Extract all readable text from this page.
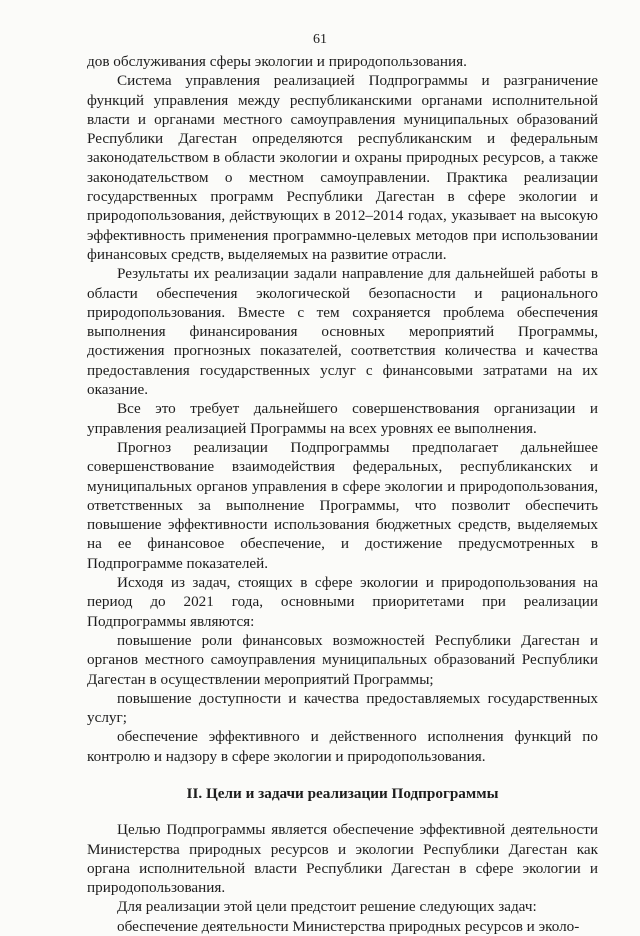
61

дов обслуживания сферы экологии и природопользования.

Система управления реализацией Подпрограммы и разграничение функций управления между республиканскими органами исполнительной власти и органами местного самоуправления муниципальных образований Республики Дагестан определяются республиканским и федеральным законодательством в области экологии и охраны природных ресурсов, а также законодательством о местном самоуправлении. Практика реализации государственных программ Республики Дагестан в сфере экологии и природопользования, действующих в 2012–2014 годах, указывает на высокую эффективность применения программно-целевых методов при использовании финансовых средств, выделяемых на развитие отрасли.

Результаты их реализации задали направление для дальнейшей работы в области обеспечения экологической безопасности и рационального природопользования. Вместе с тем сохраняется проблема обеспечения выполнения финансирования основных мероприятий Программы, достижения прогнозных показателей, соответствия количества и качества предоставления государственных услуг с финансовыми затратами на их оказание.

Все это требует дальнейшего совершенствования организации и управления реализацией Программы на всех уровнях ее выполнения.

Прогноз реализации Подпрограммы предполагает дальнейшее совершенствование взаимодействия федеральных, республиканских и муниципальных органов управления в сфере экологии и природопользования, ответственных за выполнение Программы, что позволит обеспечить повышение эффективности использования бюджетных средств, выделяемых на ее финансовое обеспечение, и достижение предусмотренных в Подпрограмме показателей.

Исходя из задач, стоящих в сфере экологии и природопользования на период до 2021 года, основными приоритетами при реализации Подпрограммы являются:

повышение роли финансовых возможностей Республики Дагестан и органов местного самоуправления муниципальных образований Республики Дагестан в осуществлении мероприятий Программы;

повышение доступности и качества предоставляемых государственных услуг;

обеспечение эффективного и действенного исполнения функций по контролю и надзору в сфере экологии и природопользования.

II. Цели и задачи реализации Подпрограммы

Целью Подпрограммы является обеспечение эффективной деятельности Министерства природных ресурсов и экологии Республики Дагестан как органа исполнительной власти Республики Дагестан в сфере экологии и природопользования.

Для реализации этой цели предстоит решение следующих задач:

обеспечение деятельности Министерства природных ресурсов и эколо-
